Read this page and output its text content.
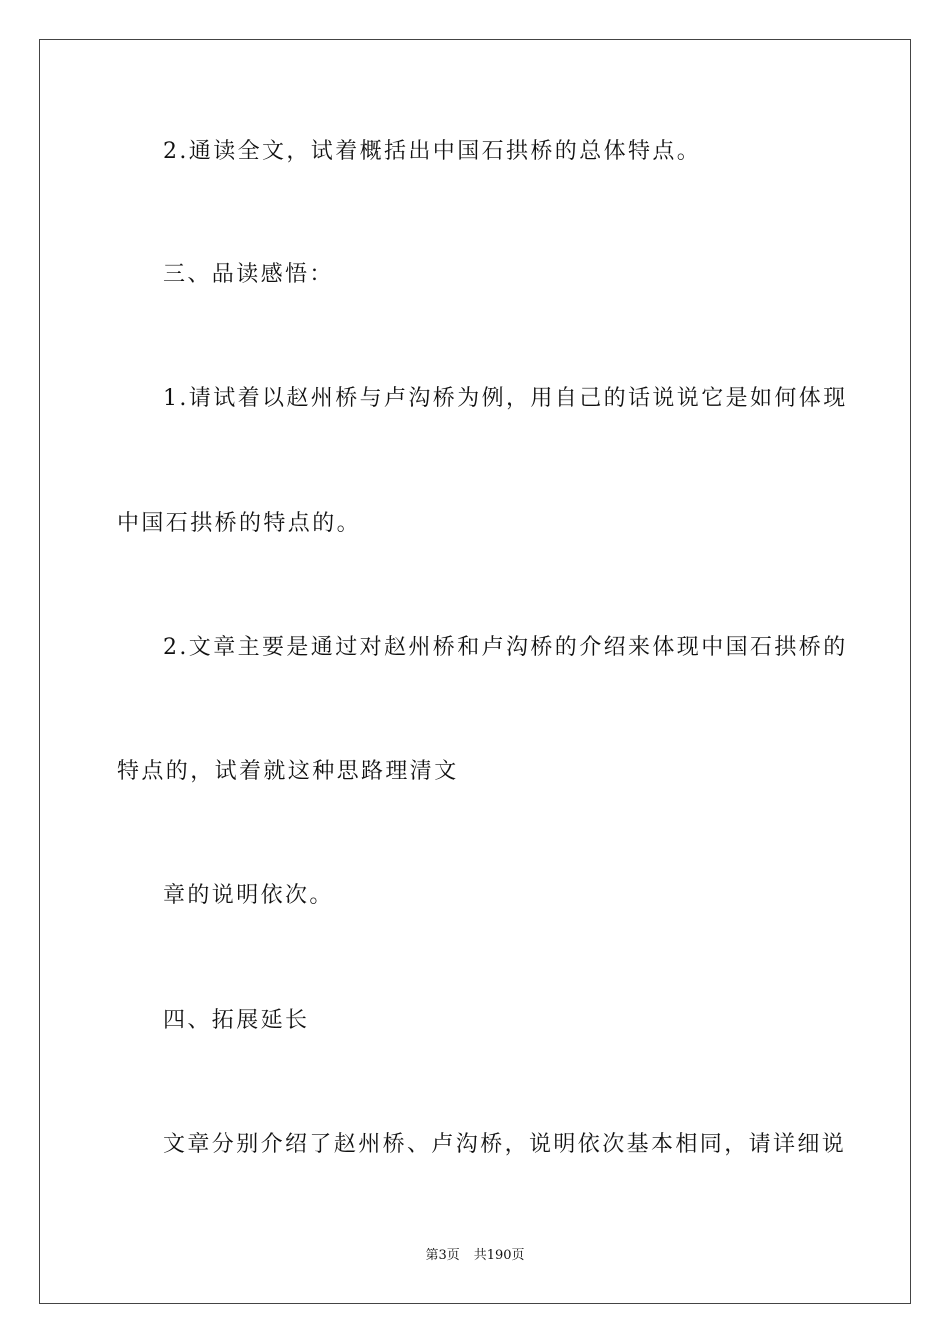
2.通读全文，试着概括出中国石拱桥的总体特点。

三、品读感悟：

1.请试着以赵州桥与卢沟桥为例，用自己的话说说它是如何体现

中国石拱桥的特点的。

2.文章主要是通过对赵州桥和卢沟桥的介绍来体现中国石拱桥的

特点的，试着就这种思路理清文

章的说明依次。

四、拓展延长

文章分别介绍了赵州桥、卢沟桥，说明依次基本相同，请详细说

第3页 共190页
